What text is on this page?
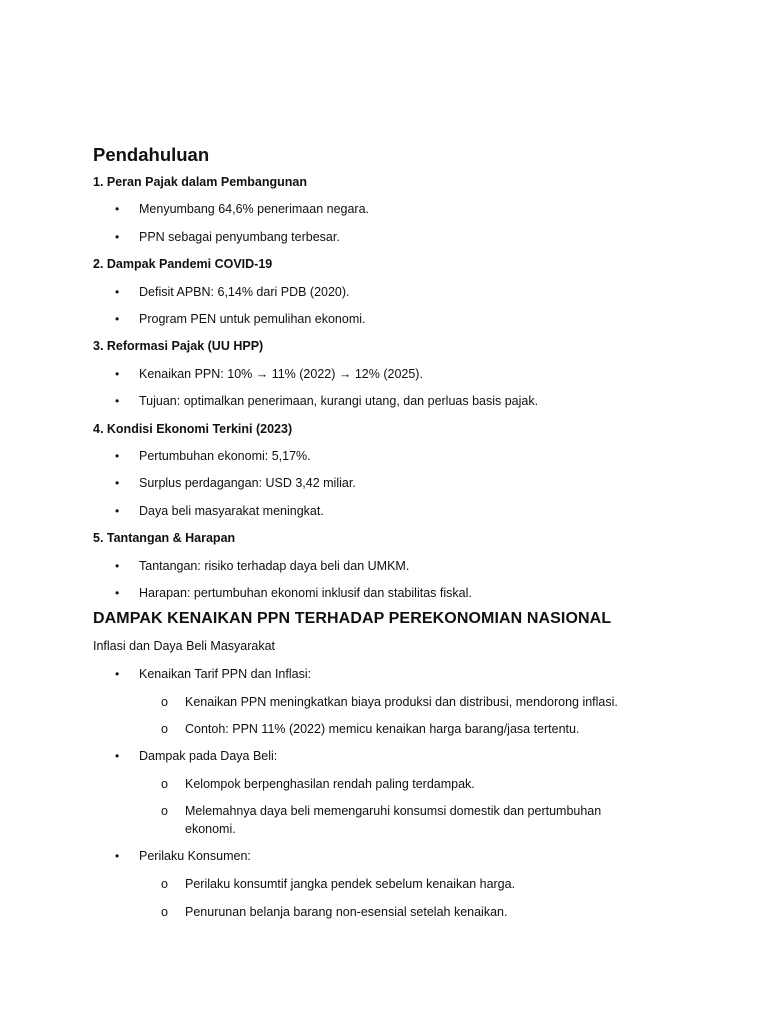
Pendahuluan

1. Peran Pajak dalam Pembangunan

• Menyumbang 64,6% penerimaan negara.
• PPN sebagai penyumbang terbesar.

2. Dampak Pandemi COVID-19

• Defisit APBN: 6,14% dari PDB (2020).
• Program PEN untuk pemulihan ekonomi.

3. Reformasi Pajak (UU HPP)

• Kenaikan PPN: 10% → 11% (2022) → 12% (2025).
• Tujuan: optimalkan penerimaan, kurangi utang, dan perluas basis pajak.

4. Kondisi Ekonomi Terkini (2023)

• Pertumbuhan ekonomi: 5,17%.
• Surplus perdagangan: USD 3,42 miliar.
• Daya beli masyarakat meningkat.

5. Tantangan & Harapan

• Tantangan: risiko terhadap daya beli dan UMKM.
• Harapan: pertumbuhan ekonomi inklusif dan stabilitas fiskal.
DAMPAK KENAIKAN PPN TERHADAP PEREKONOMIAN NASIONAL

Inflasi dan Daya Beli Masyarakat

• Kenaikan Tarif PPN dan Inflasi:
o Kenaikan PPN meningkatkan biaya produksi dan distribusi, mendorong inflasi.
o Contoh: PPN 11% (2022) memicu kenaikan harga barang/jasa tertentu.
• Dampak pada Daya Beli:
o Kelompok berpenghasilan rendah paling terdampak.
o Melemahnya daya beli memengaruhi konsumsi domestik dan pertumbuhan ekonomi.
• Perilaku Konsumen:
o Perilaku konsumtif jangka pendek sebelum kenaikan harga.
o Penurunan belanja barang non-esensial setelah kenaikan.
